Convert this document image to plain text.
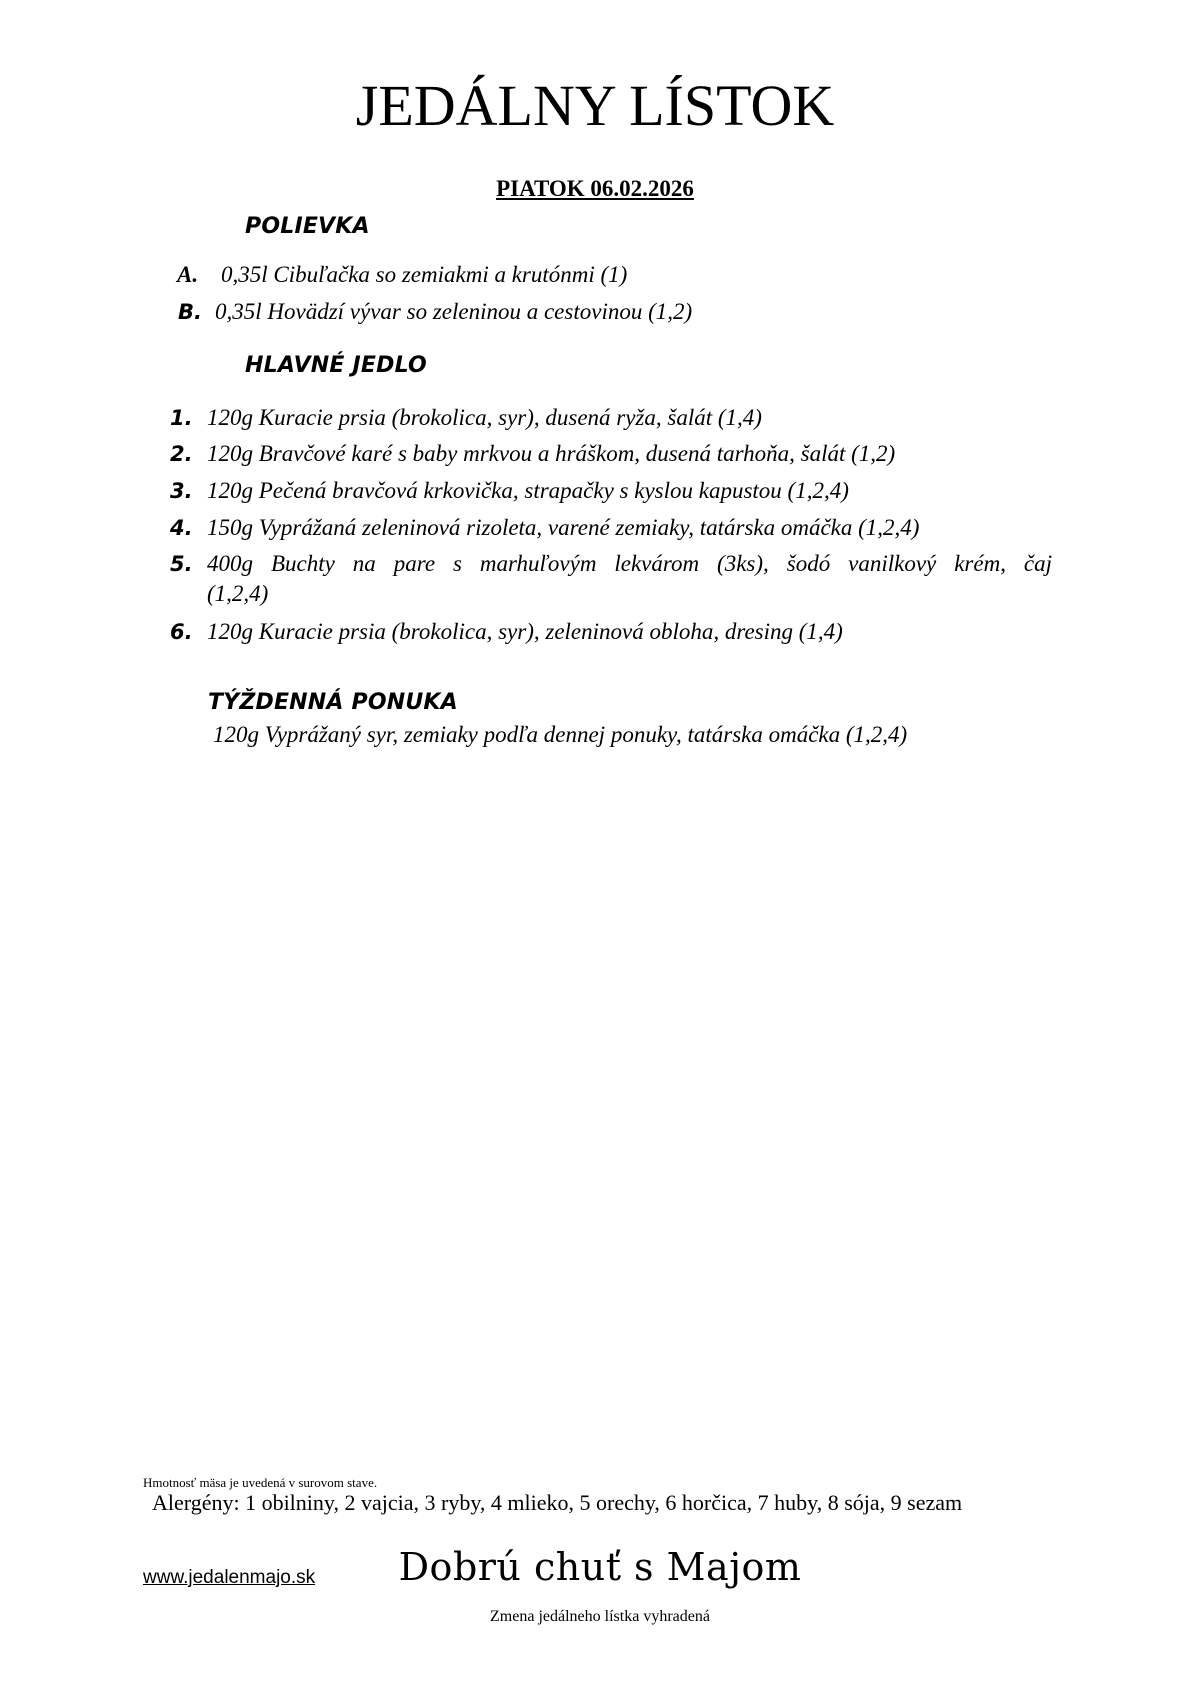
JEDÁLNY LÍSTOK
PIATOK 06.02.2026
POLIEVKA
A. 0,35l Cibuľačka so zemiakmi a krutónmi (1)
B. 0,35l Hovädzí vývar so zeleninou a cestovinou (1,2)
HLAVNÉ JEDLO
1. 120g Kuracie prsia (brokolica, syr), dusená ryža, šalát (1,4)
2. 120g Bravčové karé s baby mrkvou a hráškom, dusená tarhoňa, šalát (1,2)
3. 120g Pečená bravčová krkovička, strapačky s kyslou kapustou (1,2,4)
4. 150g Vyprážaná zeleninová rizoleta, varené zemiaky, tatárska omáčka (1,2,4)
5. 400g Buchty na pare s marhuľovým lekvárom (3ks), šodó vanilkový krém, čaj (1,2,4)
6. 120g Kuracie prsia (brokolica, syr), zeleninová obloha, dresing (1,4)
TÝŽDENNÁ PONUKA
120g Vyprážaný syr, zemiaky podľa dennej ponuky, tatárska omáčka (1,2,4)
Hmotnosť mäsa je uvedená v surovom stave.
Alergény: 1 obilniny, 2 vajcia, 3 ryby, 4 mlieko, 5 orechy, 6 horčica, 7 huby, 8 sója, 9 sezam
www.jedalenmajo.sk	Dobrú chuť s Majom
Zmena jedálneho lístka vyhradená
